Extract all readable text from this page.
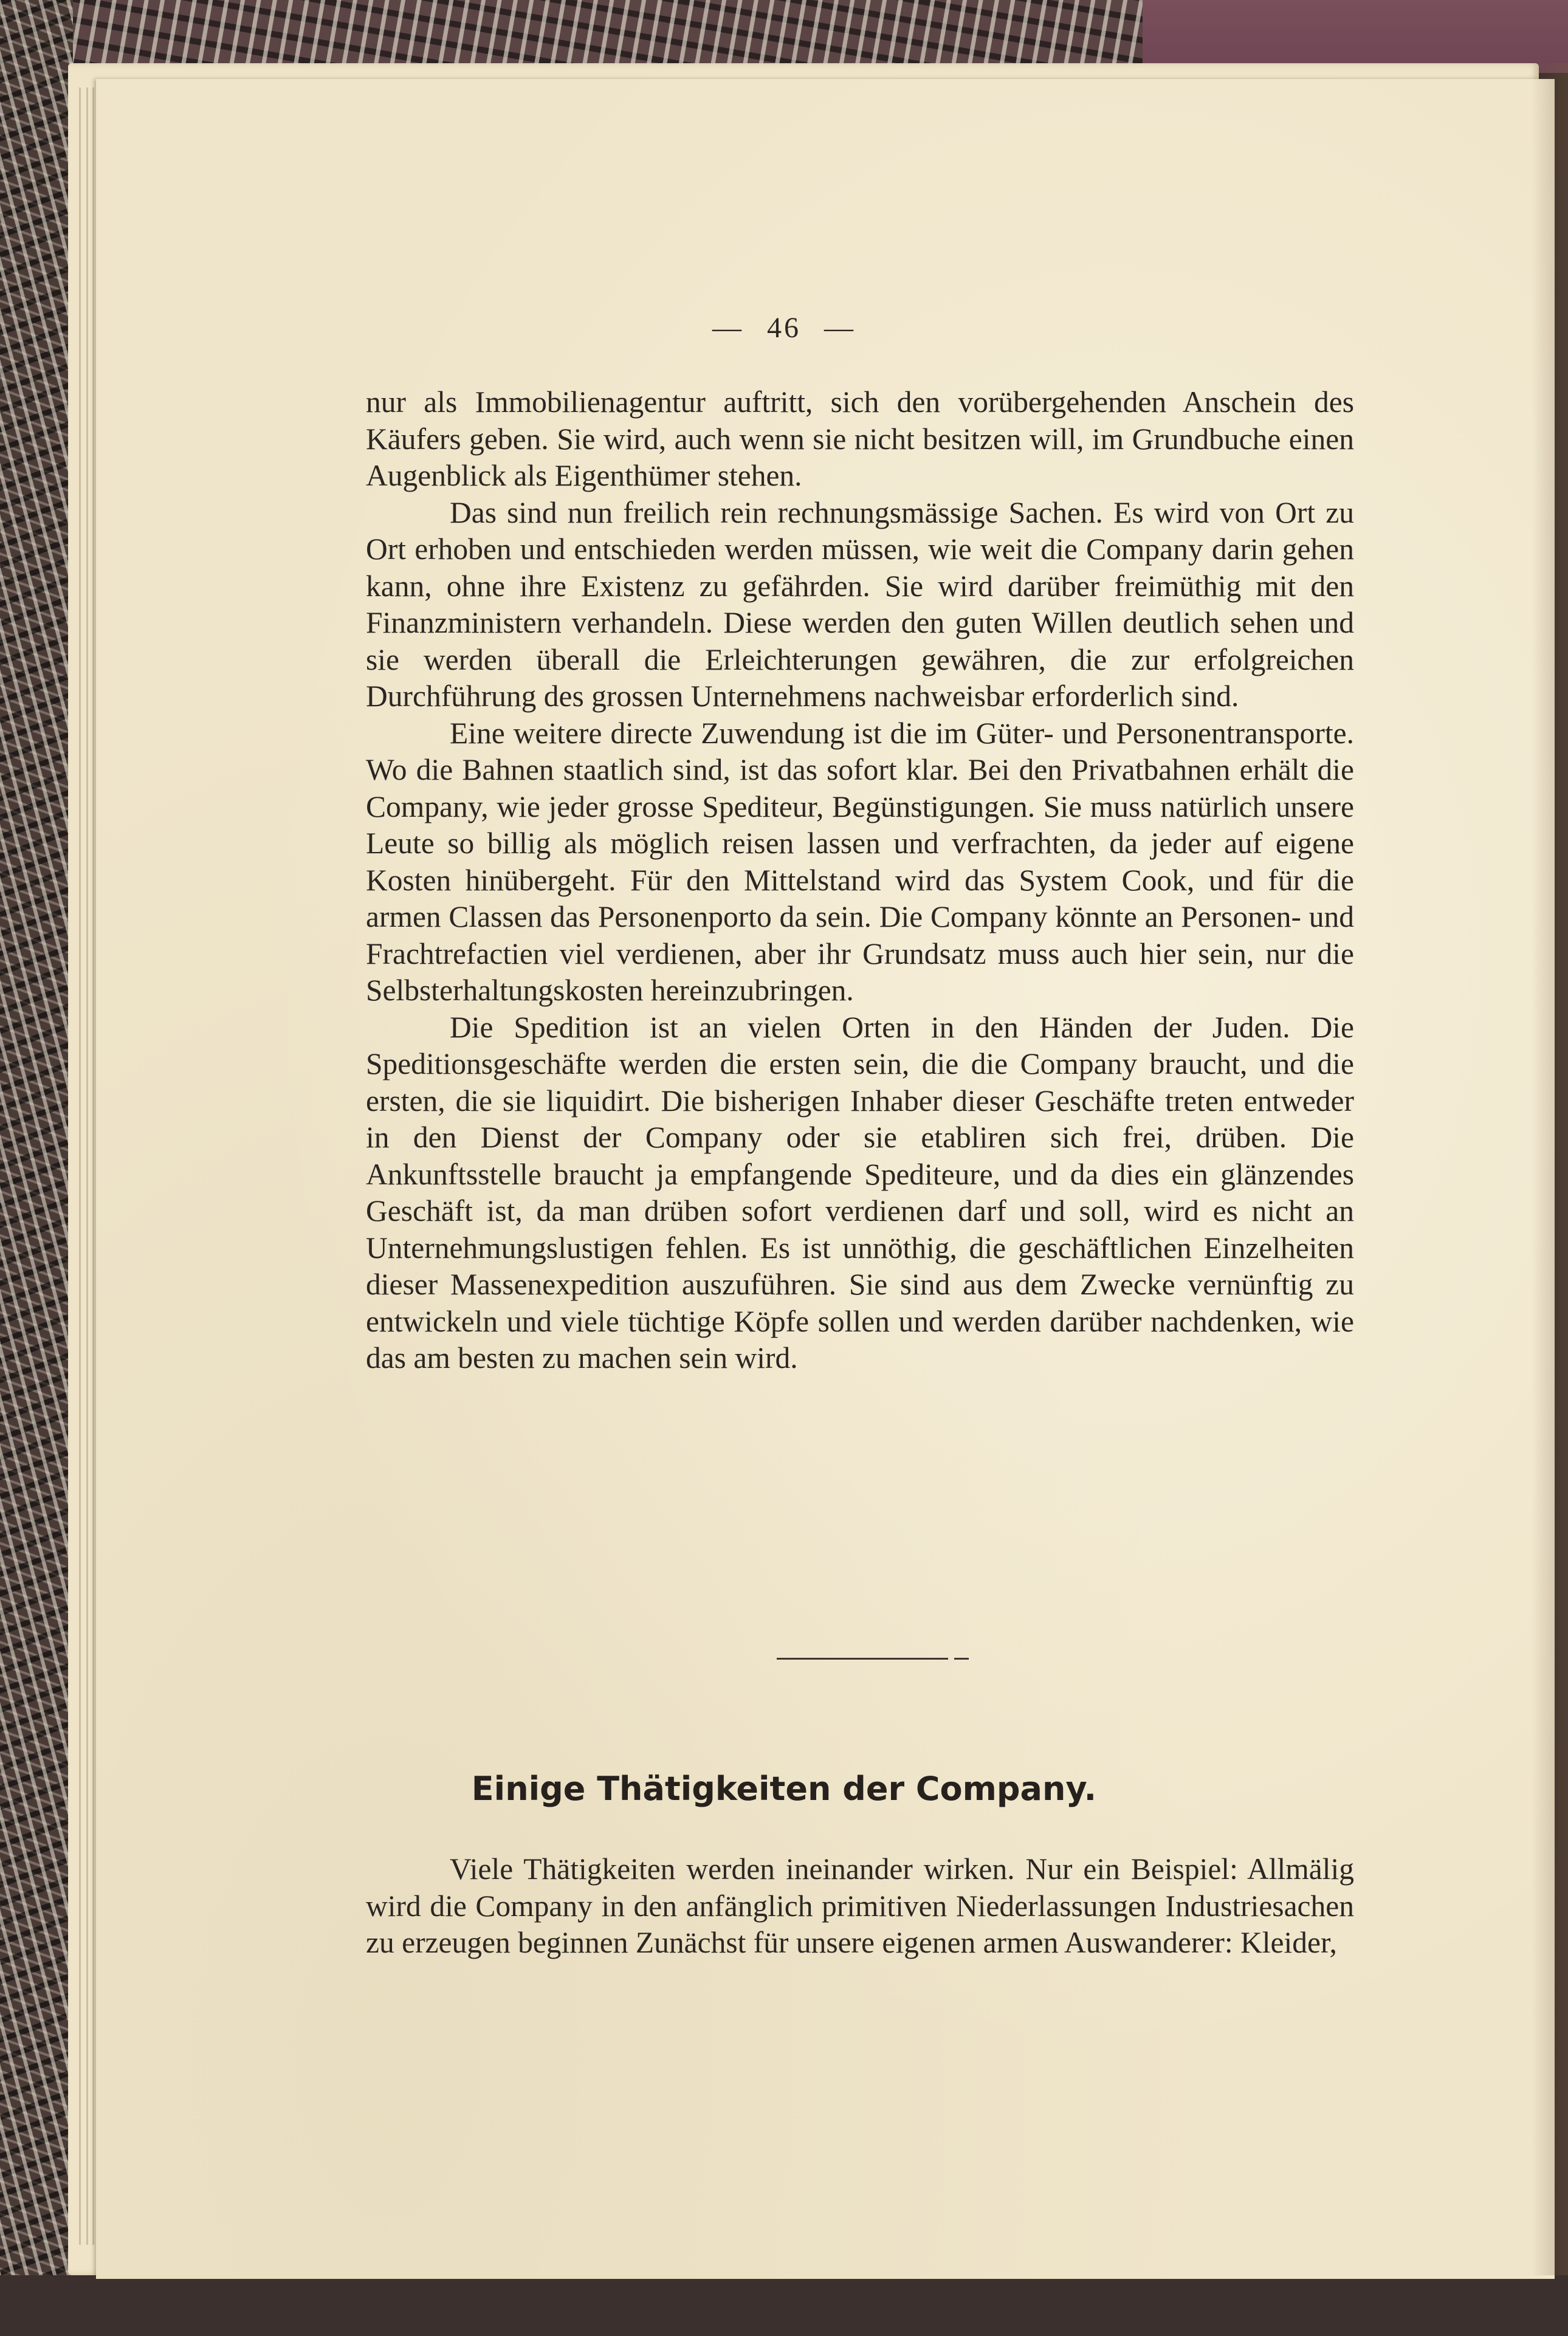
— 46 —

nur als Immobilienagentur auftritt, sich den vorübergehenden Anschein des Käufers geben. Sie wird, auch wenn sie nicht besitzen will, im Grundbuche einen Augenblick als Eigenthümer stehen.

Das sind nun freilich rein rechnungsmässige Sachen. Es wird von Ort zu Ort erhoben und entschieden werden müssen, wie weit die Company darin gehen kann, ohne ihre Existenz zu gefährden. Sie wird darüber freimüthig mit den Finanzministern verhandeln. Diese werden den guten Willen deutlich sehen und sie werden überall die Erleichterungen gewähren, die zur erfolgreichen Durchführung des grossen Unternehmens nachweisbar erforderlich sind.

Eine weitere directe Zuwendung ist die im Güter- und Personentransporte. Wo die Bahnen staatlich sind, ist das sofort klar. Bei den Privatbahnen erhält die Company, wie jeder grosse Spediteur, Begünstigungen. Sie muss natürlich unsere Leute so billig als möglich reisen lassen und verfrachten, da jeder auf eigene Kosten hinübergeht. Für den Mittelstand wird das System Cook, und für die armen Classen das Personenporto da sein. Die Company könnte an Personen- und Frachtrefactien viel verdienen, aber ihr Grundsatz muss auch hier sein, nur die Selbsterhaltungskosten hereinzubringen.

Die Spedition ist an vielen Orten in den Händen der Juden. Die Speditionsgeschäfte werden die ersten sein, die die Company braucht, und die ersten, die sie liquidirt. Die bisherigen Inhaber dieser Geschäfte treten entweder in den Dienst der Company oder sie etabliren sich frei, drüben. Die Ankunftsstelle braucht ja empfangende Spediteure, und da dies ein glänzendes Geschäft ist, da man drüben sofort verdienen darf und soll, wird es nicht an Unternehmungslustigen fehlen. Es ist unnöthig, die geschäftlichen Einzelheiten dieser Massenexpedition auszuführen. Sie sind aus dem Zwecke vernünftig zu entwickeln und viele tüchtige Köpfe sollen und werden darüber nachdenken, wie das am besten zu machen sein wird.

Einige Thätigkeiten der Company.

Viele Thätigkeiten werden ineinander wirken. Nur ein Beispiel: Allmälig wird die Company in den anfänglich primitiven Niederlassungen Industriesachen zu erzeugen beginnen Zunächst für unsere eigenen armen Auswanderer: Kleider,
